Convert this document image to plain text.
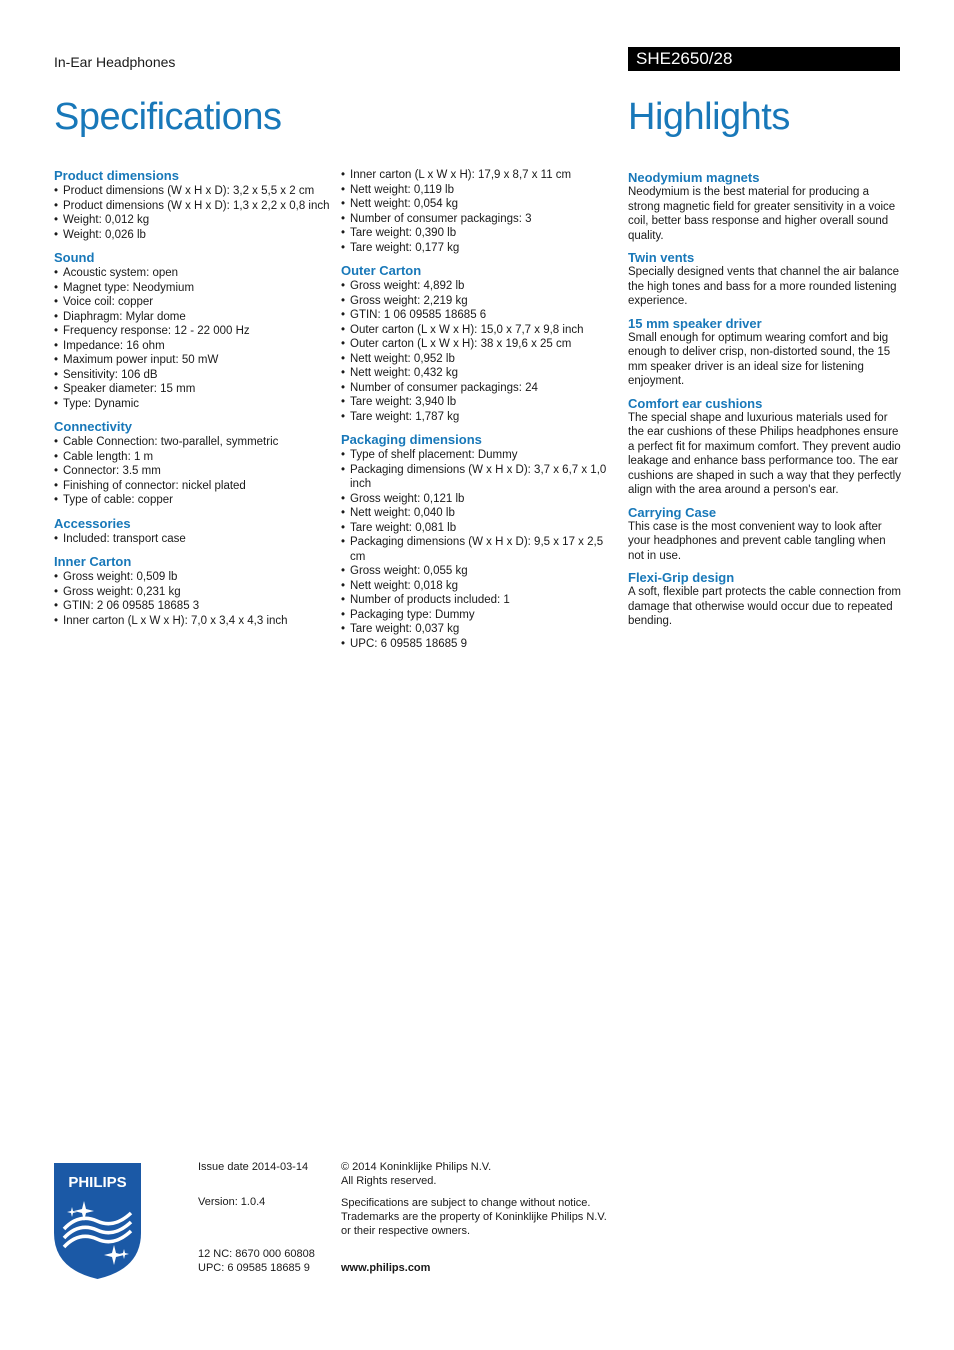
In-Ear Headphones	SHE2650/28
Specifications	Highlights
Product dimensions
• Product dimensions (W x H x D): 3,2 x 5,5 x 2 cm
• Product dimensions (W x H x D): 1,3 x 2,2 x 0,8 inch
• Weight: 0,012 kg
• Weight: 0,026 lb
Sound
• Acoustic system: open
• Magnet type: Neodymium
• Voice coil: copper
• Diaphragm: Mylar dome
• Frequency response: 12 - 22 000 Hz
• Impedance: 16 ohm
• Maximum power input: 50 mW
• Sensitivity: 106 dB
• Speaker diameter: 15 mm
• Type: Dynamic
Connectivity
• Cable Connection: two-parallel, symmetric
• Cable length: 1 m
• Connector: 3.5 mm
• Finishing of connector: nickel plated
• Type of cable: copper
Accessories
• Included: transport case
Inner Carton
• Gross weight: 0,509 lb
• Gross weight: 0,231 kg
• GTIN: 2 06 09585 18685 3
• Inner carton (L x W x H): 7,0 x 3,4 x 4,3 inch
• Inner carton (L x W x H): 17,9 x 8,7 x 11 cm
• Nett weight: 0,119 lb
• Nett weight: 0,054 kg
• Number of consumer packagings: 3
• Tare weight: 0,390 lb
• Tare weight: 0,177 kg
Outer Carton
• Gross weight: 4,892 lb
• Gross weight: 2,219 kg
• GTIN: 1 06 09585 18685 6
• Outer carton (L x W x H): 15,0 x 7,7 x 9,8 inch
• Outer carton (L x W x H): 38 x 19,6 x 25 cm
• Nett weight: 0,952 lb
• Nett weight: 0,432 kg
• Number of consumer packagings: 24
• Tare weight: 3,940 lb
• Tare weight: 1,787 kg
Packaging dimensions
• Type of shelf placement: Dummy
• Packaging dimensions (W x H x D): 3,7 x 6,7 x 1,0 inch
• Gross weight: 0,121 lb
• Nett weight: 0,040 lb
• Tare weight: 0,081 lb
• Packaging dimensions (W x H x D): 9,5 x 17 x 2,5 cm
• Gross weight: 0,055 kg
• Nett weight: 0,018 kg
• Number of products included: 1
• Packaging type: Dummy
• Tare weight: 0,037 kg
• UPC: 6 09585 18685 9
Neodymium magnets

Neodymium is the best material for producing a strong magnetic field for greater sensitivity in a voice coil, better bass response and higher overall sound quality.

Twin vents

Specially designed vents that channel the air balance the high tones and bass for a more rounded listening experience.

15 mm speaker driver

Small enough for optimum wearing comfort and big enough to deliver crisp, non-distorted sound, the 15 mm speaker driver is an ideal size for listening enjoyment.

Comfort ear cushions

The special shape and luxurious materials used for the ear cushions of these Philips headphones ensure a perfect fit for maximum comfort. They prevent audio leakage and enhance bass performance too. The ear cushions are shaped in such a way that they perfectly align with the area around a person's ear.

Carrying Case

This case is the most convenient way to look after your headphones and prevent cable tangling when not in use.

Flexi-Grip design

A soft, flexible part protects the cable connection from damage that otherwise would occur due to repeated bending.

PHILIPS
Issue date 2014-03-14
Version: 1.0.4
12 NC: 8670 000 60808
UPC: 6 09585 18685 9
© 2014 Koninklijke Philips N.V.
All Rights reserved.
Specifications are subject to change without notice.
Trademarks are the property of Koninklijke Philips N.V.
or their respective owners.
www.philips.com
